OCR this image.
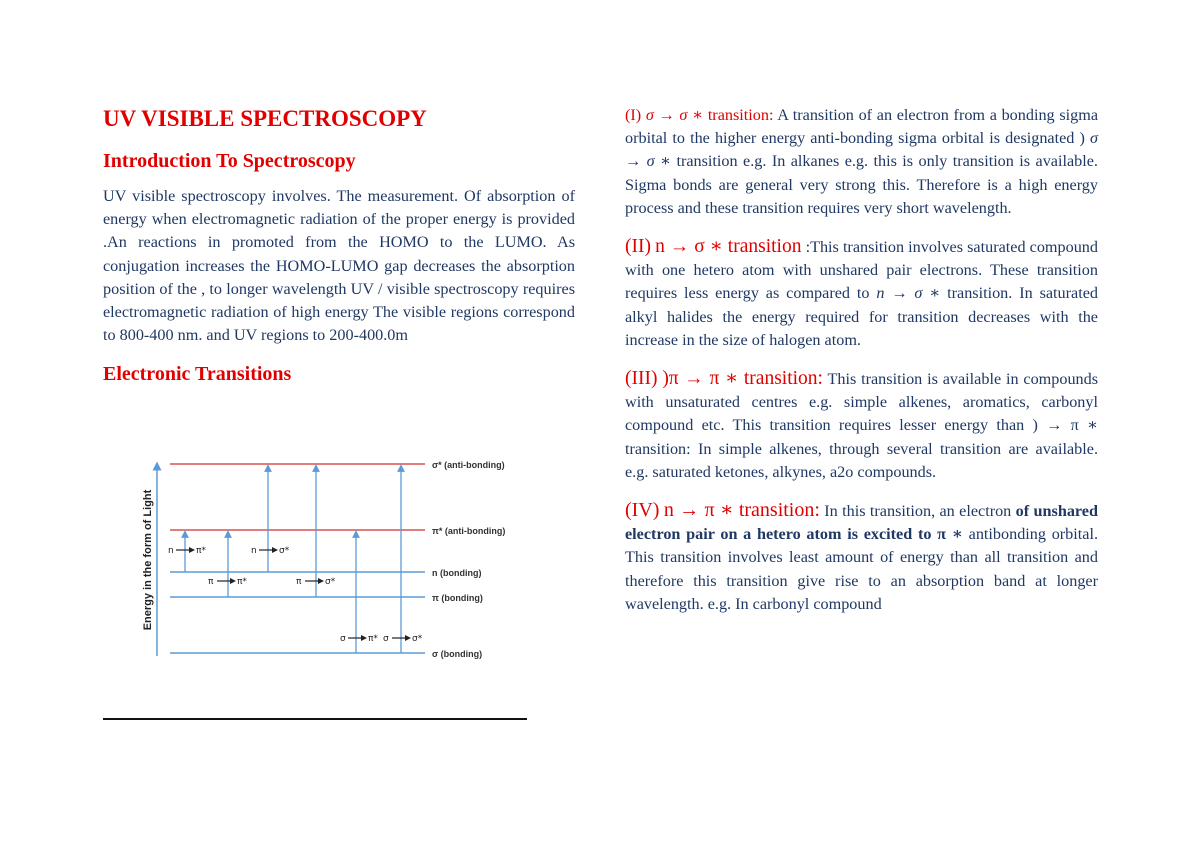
UV VISIBLE SPECTROSCOPY
Introduction To Spectroscopy

UV visible spectroscopy involves. The measurement. Of absorption of energy when electromagnetic radiation of the proper energy is provided .An reactions in promoted from the HOMO to the LUMO. As conjugation increases the HOMO-LUMO gap decreases the absorption position of the , to longer wavelength UV / visible spectroscopy requires electromagnetic radiation of high energy The visible regions correspond to 800-400 nm. and UV regions to 200-400.0m

Electronic Transitions
Energy in the form of Light
σ* (anti-bonding)
π* (anti-bonding)
n (bonding)
π (bonding)
σ (bonding)
n π*	n σ*
π	π*	π	σ*
σ π* σ	σ*

(I) σ → σ ∗ transition: A transition of an electron from a bonding sigma orbital to the higher energy anti-bonding sigma orbital is designated ) σ → σ ∗ transition e.g. In alkanes e.g. this is only transition is available. Sigma bonds are general very strong this. Therefore is a high energy process and these transition requires very short wavelength.

(II) n → σ ∗ transition :This transition involves saturated compound with one hetero atom with unshared pair electrons. These transition requires less energy as compared to n → σ ∗ transition. In saturated alkyl halides the energy required for transition decreases with the increase in the size of halogen atom.

(III) )π → π ∗ transition: This transition is available in compounds with unsaturated centres e.g. simple alkenes, aromatics, carbonyl compound etc. This transition requires lesser energy than ) → π ∗ transition: In simple alkenes, through several transition are available. e.g. saturated ketones, alkynes, a2o compounds.

(IV) n → π ∗ transition: In this transition, an electron of unshared electron pair on a hetero atom is excited to π ∗ antibonding orbital. This transition involves least amount of energy than all transition and therefore this transition give rise to an absorption band at longer wavelength. e.g. In carbonyl compound
